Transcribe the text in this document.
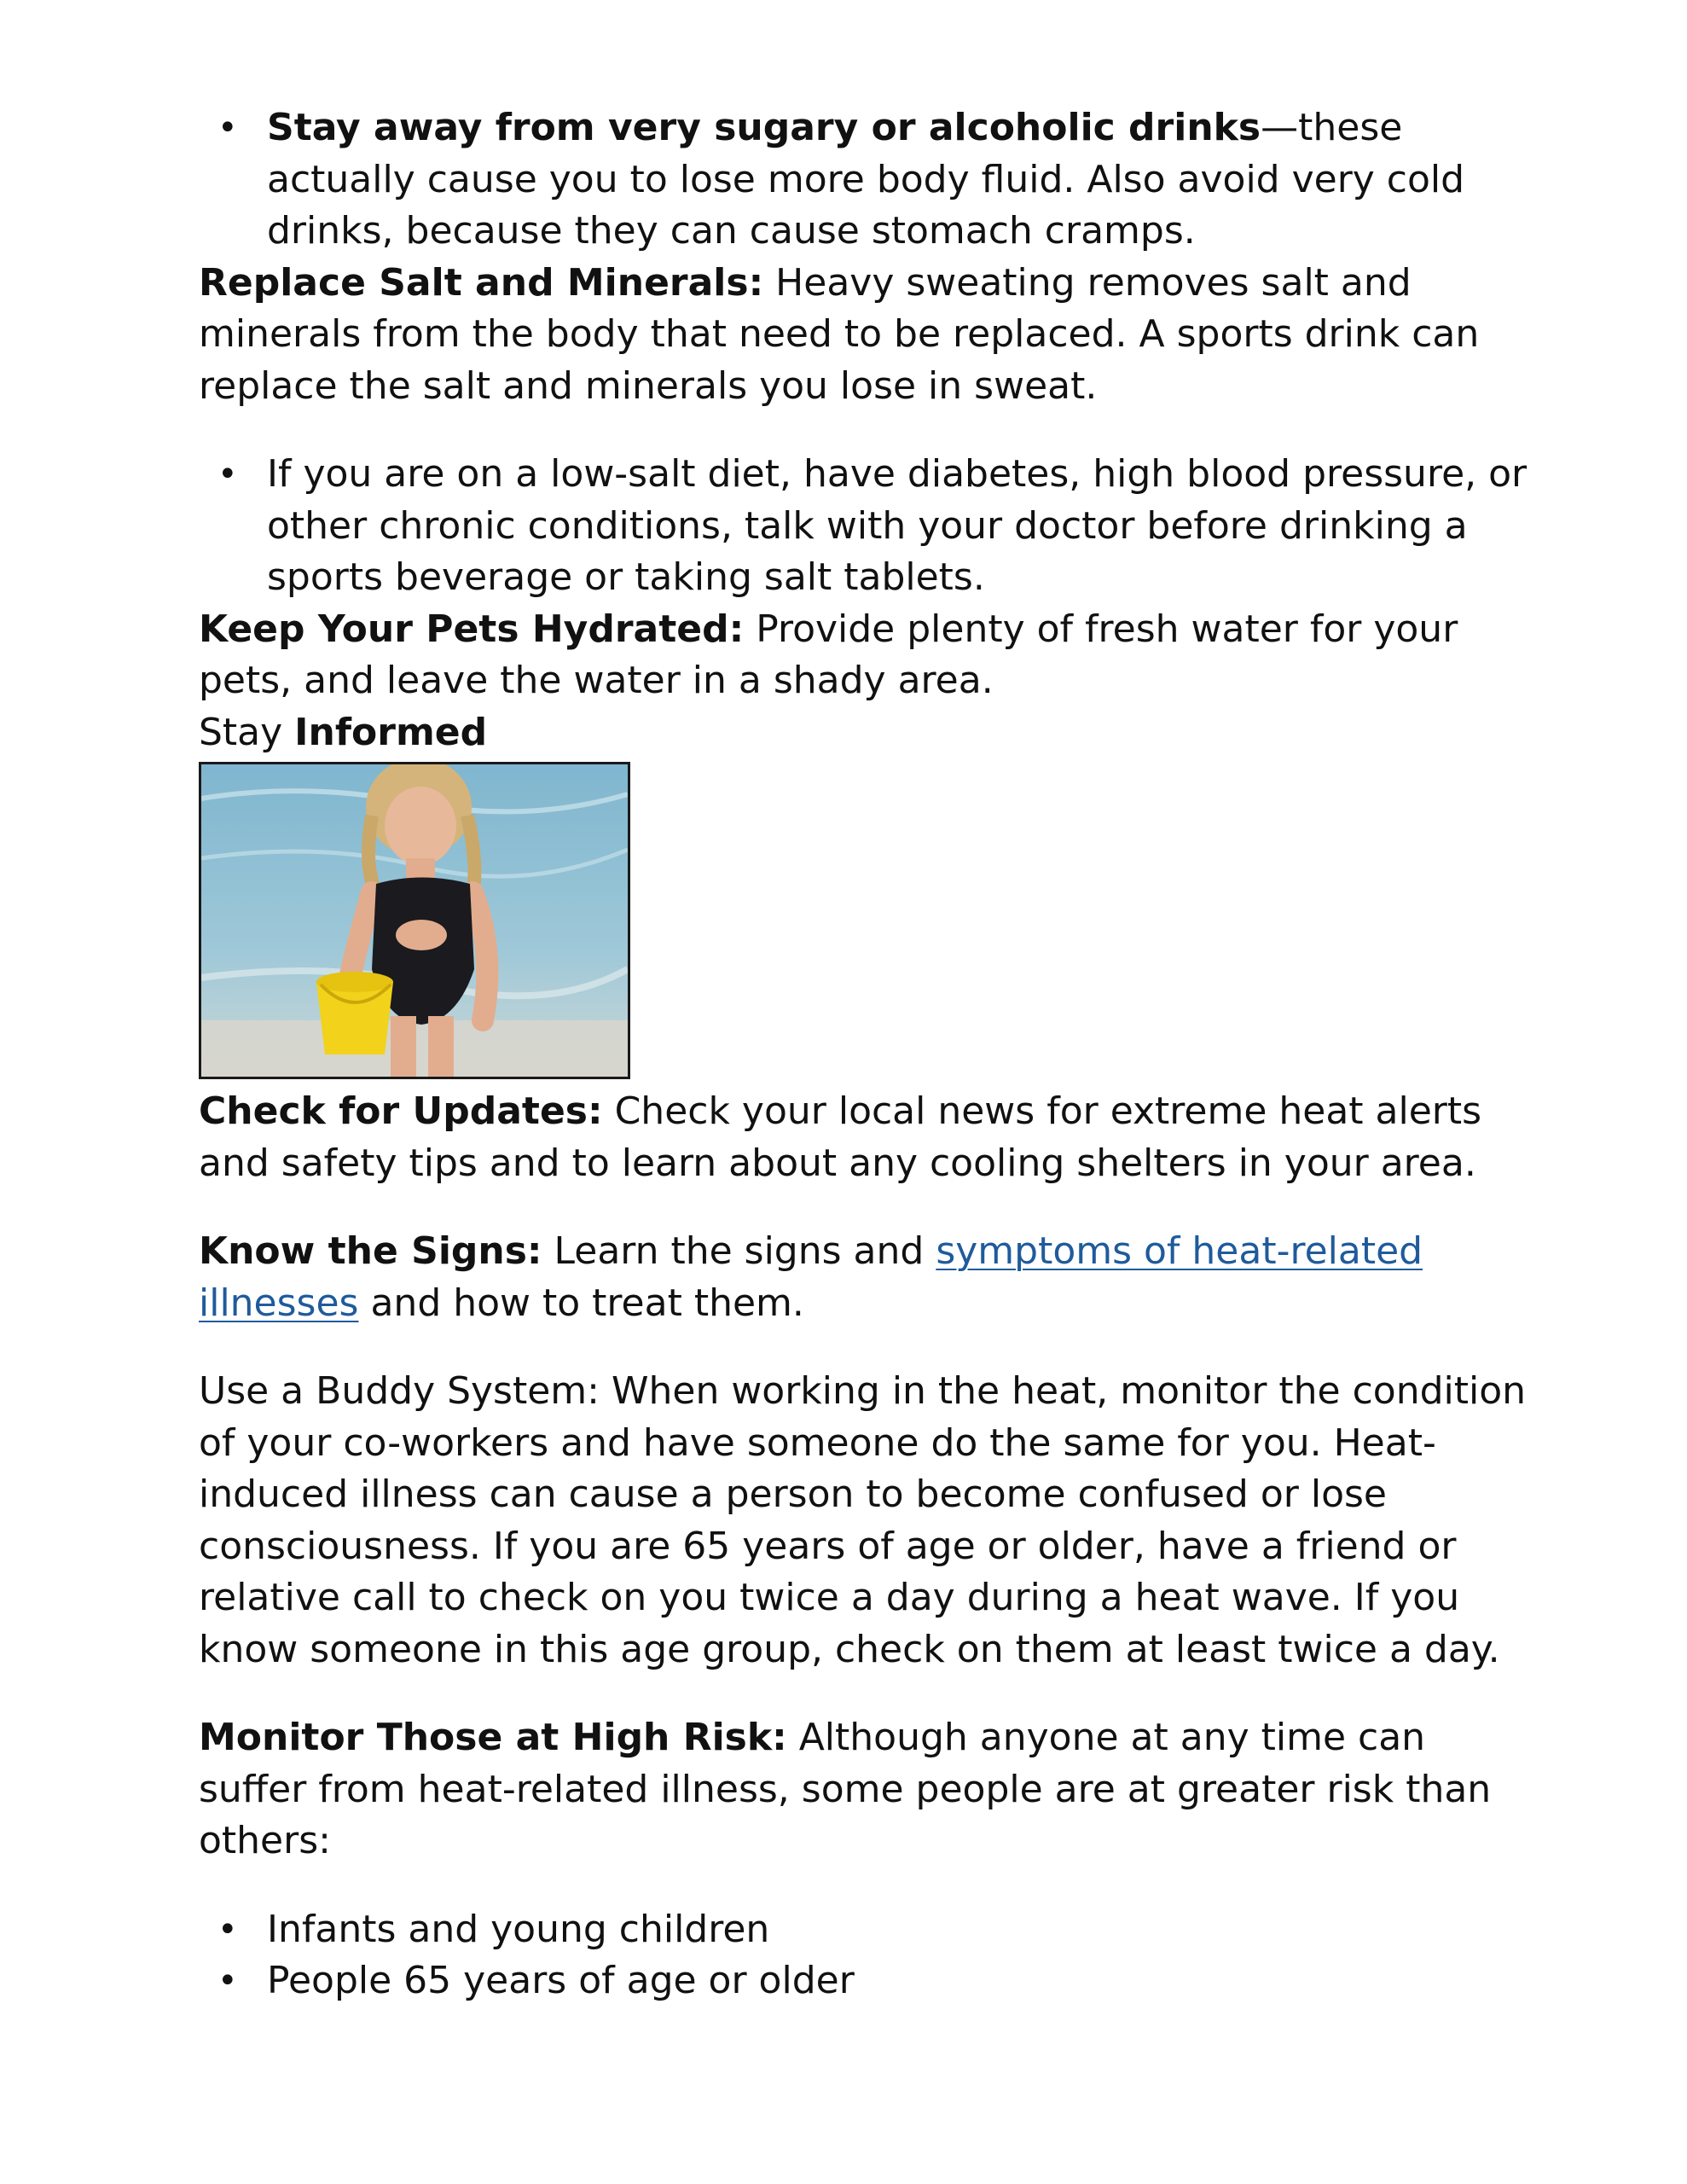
• Stay away from very sugary or alcoholic drinks—these actually cause you to lose more body fluid. Also avoid very cold drinks, because they can cause stomach cramps.

Replace Salt and Minerals: Heavy sweating removes salt and minerals from the body that need to be replaced. A sports drink can replace the salt and minerals you lose in sweat.

• If you are on a low-salt diet, have diabetes, high blood pressure, or other chronic conditions, talk with your doctor before drinking a sports beverage or taking salt tablets.

Keep Your Pets Hydrated: Provide plenty of fresh water for your pets, and leave the water in a shady area.

Stay Informed

Check for Updates: Check your local news for extreme heat alerts and safety tips and to learn about any cooling shelters in your area.

Know the Signs: Learn the signs and symptoms of heat-related illnesses and how to treat them.

Use a Buddy System: When working in the heat, monitor the condition of your co-workers and have someone do the same for you. Heat-induced illness can cause a person to become confused or lose consciousness. If you are 65 years of age or older, have a friend or relative call to check on you twice a day during a heat wave. If you know someone in this age group, check on them at least twice a day.

Monitor Those at High Risk: Although anyone at any time can suffer from heat-related illness, some people are at greater risk than others:

• Infants and young children

• People 65 years of age or older
